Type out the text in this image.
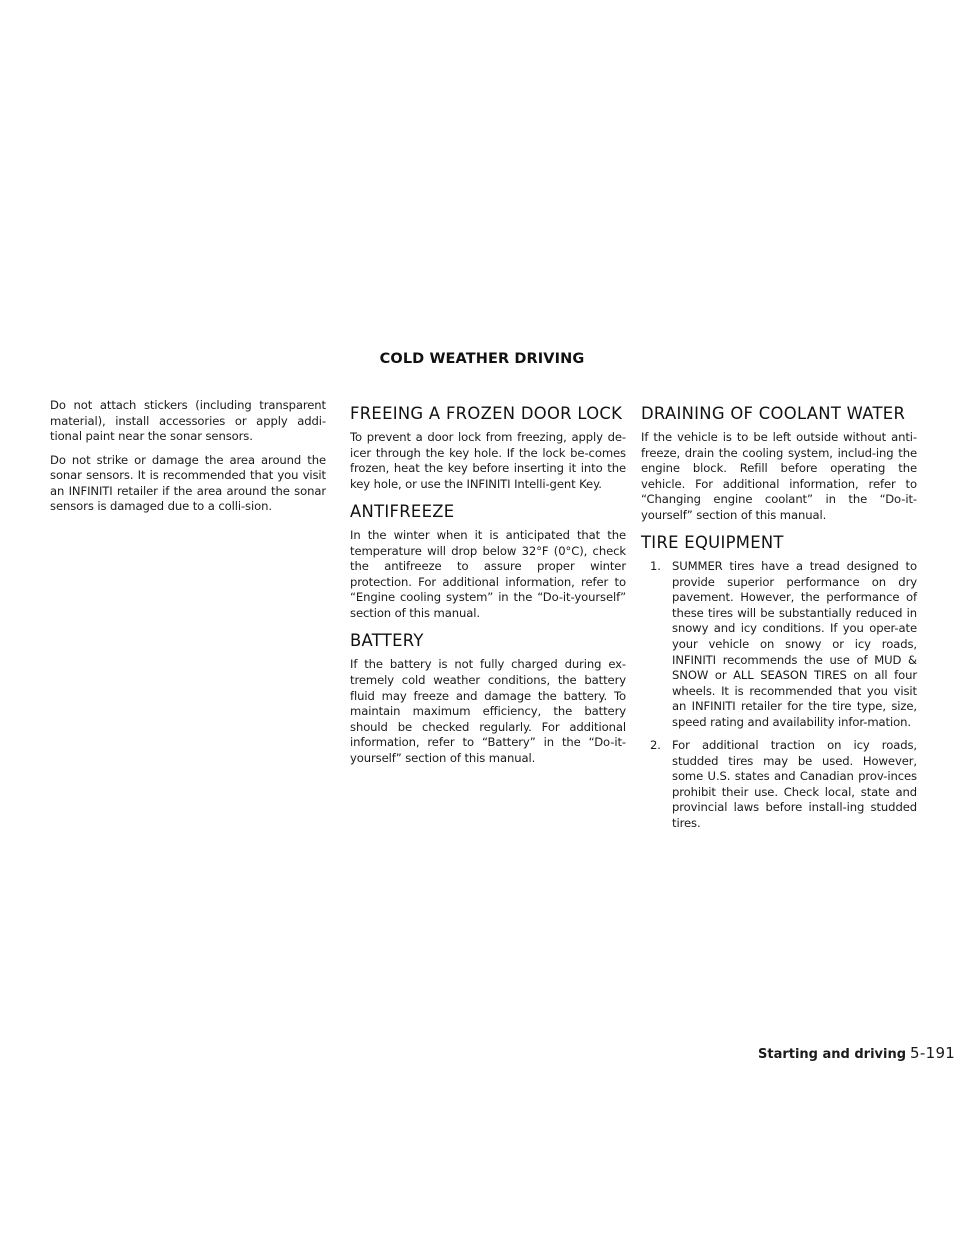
COLD WEATHER DRIVING

Do not attach stickers (including transparent material), install accessories or apply addi-tional paint near the sonar sensors.

Do not strike or damage the area around the sonar sensors. It is recommended that you visit an INFINITI retailer if the area around the sonar sensors is damaged due to a colli-sion.

FREEING A FROZEN DOOR LOCK

To prevent a door lock from freezing, apply de-icer through the key hole. If the lock be-comes frozen, heat the key before inserting it into the key hole, or use the INFINITI Intelli-gent Key.

ANTIFREEZE

In the winter when it is anticipated that the temperature will drop below 32°F (0°C), check the antifreeze to assure proper winter protection. For additional information, refer to “Engine cooling system” in the “Do-it-yourself” section of this manual.

BATTERY

If the battery is not fully charged during ex-tremely cold weather conditions, the battery fluid may freeze and damage the battery. To maintain maximum efficiency, the battery should be checked regularly. For additional information, refer to “Battery” in the “Do-it-yourself” section of this manual.

DRAINING OF COOLANT WATER

If the vehicle is to be left outside without anti-freeze, drain the cooling system, includ-ing the engine block. Refill before operating the vehicle. For additional information, refer to “Changing engine coolant” in the “Do-it-yourself” section of this manual.

TIRE EQUIPMENT
1. SUMMER tires have a tread designed to provide superior performance on dry pavement. However, the performance of these tires will be substantially reduced in snowy and icy conditions. If you oper-ate your vehicle on snowy or icy roads, INFINITI recommends the use of MUD & SNOW or ALL SEASON TIRES on all four wheels. It is recommended that you visit an INFINITI retailer for the tire type, size, speed rating and availability infor-mation.
2. For additional traction on icy roads, studded tires may be used. However, some U.S. states and Canadian prov-inces prohibit their use. Check local, state and provincial laws before install-ing studded tires.
Starting and driving 5-191
